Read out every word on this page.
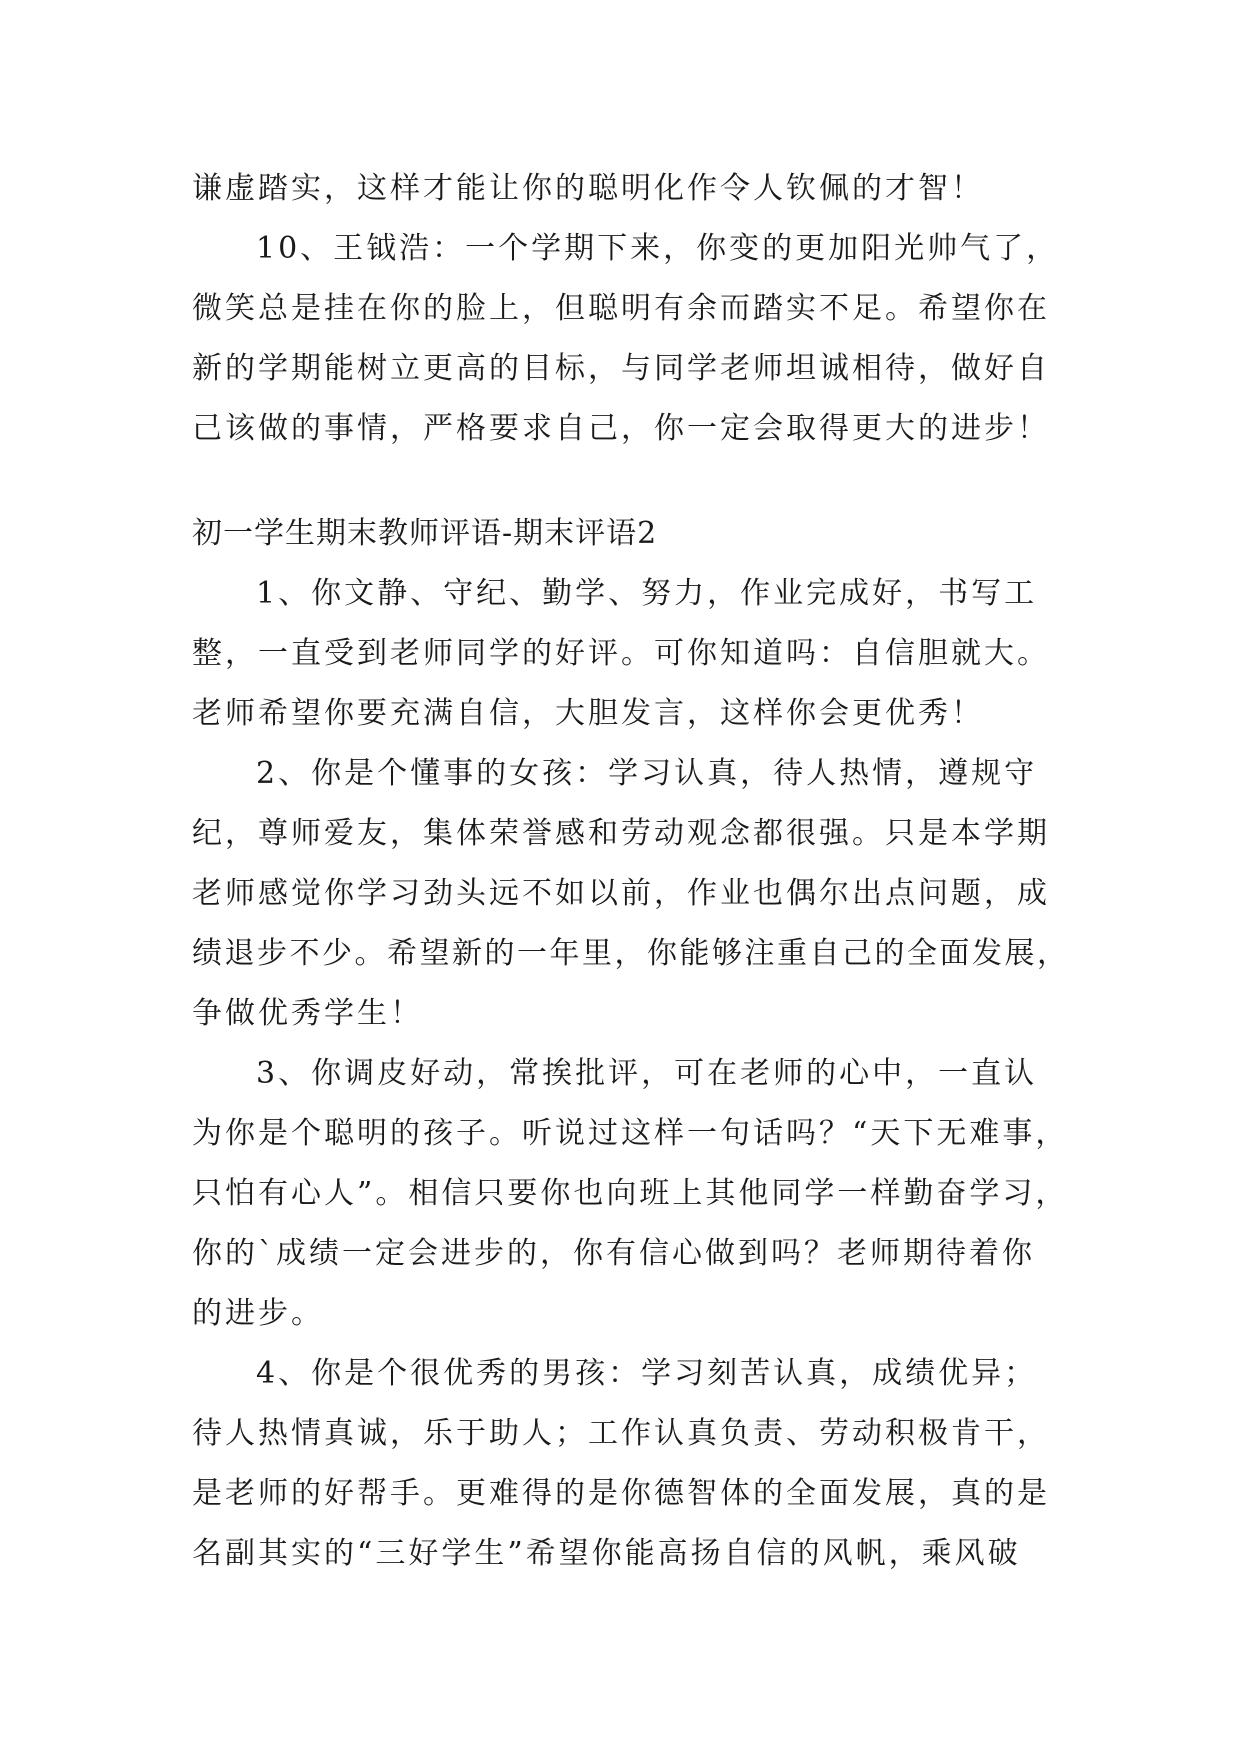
谦虚踏实，这样才能让你的聪明化作令人钦佩的才智！
10、王钺浩：一个学期下来，你变的更加阳光帅气了，
微笑总是挂在你的脸上，但聪明有余而踏实不足。希望你在
新的学期能树立更高的目标，与同学老师坦诚相待，做好自
己该做的事情，严格要求自己，你一定会取得更大的进步！
初一学生期末教师评语-期末评语2
1、你文静、守纪、勤学、努力，作业完成好，书写工
整，一直受到老师同学的好评。可你知道吗：自信胆就大。
老师希望你要充满自信，大胆发言，这样你会更优秀！
2、你是个懂事的女孩：学习认真，待人热情，遵规守
纪，尊师爱友，集体荣誉感和劳动观念都很强。只是本学期
老师感觉你学习劲头远不如以前，作业也偶尔出点问题，成
绩退步不少。希望新的一年里，你能够注重自己的全面发展，
争做优秀学生！
3、你调皮好动，常挨批评，可在老师的心中，一直认
为你是个聪明的孩子。听说过这样一句话吗？“天下无难事，
只怕有心人”。相信只要你也向班上其他同学一样勤奋学习，
你的`成绩一定会进步的，你有信心做到吗？老师期待着你
的进步。
4、你是个很优秀的男孩：学习刻苦认真，成绩优异；
待人热情真诚，乐于助人；工作认真负责、劳动积极肯干，
是老师的好帮手。更难得的是你德智体的全面发展，真的是
名副其实的“三好学生”希望你能高扬自信的风帆，乘风破
